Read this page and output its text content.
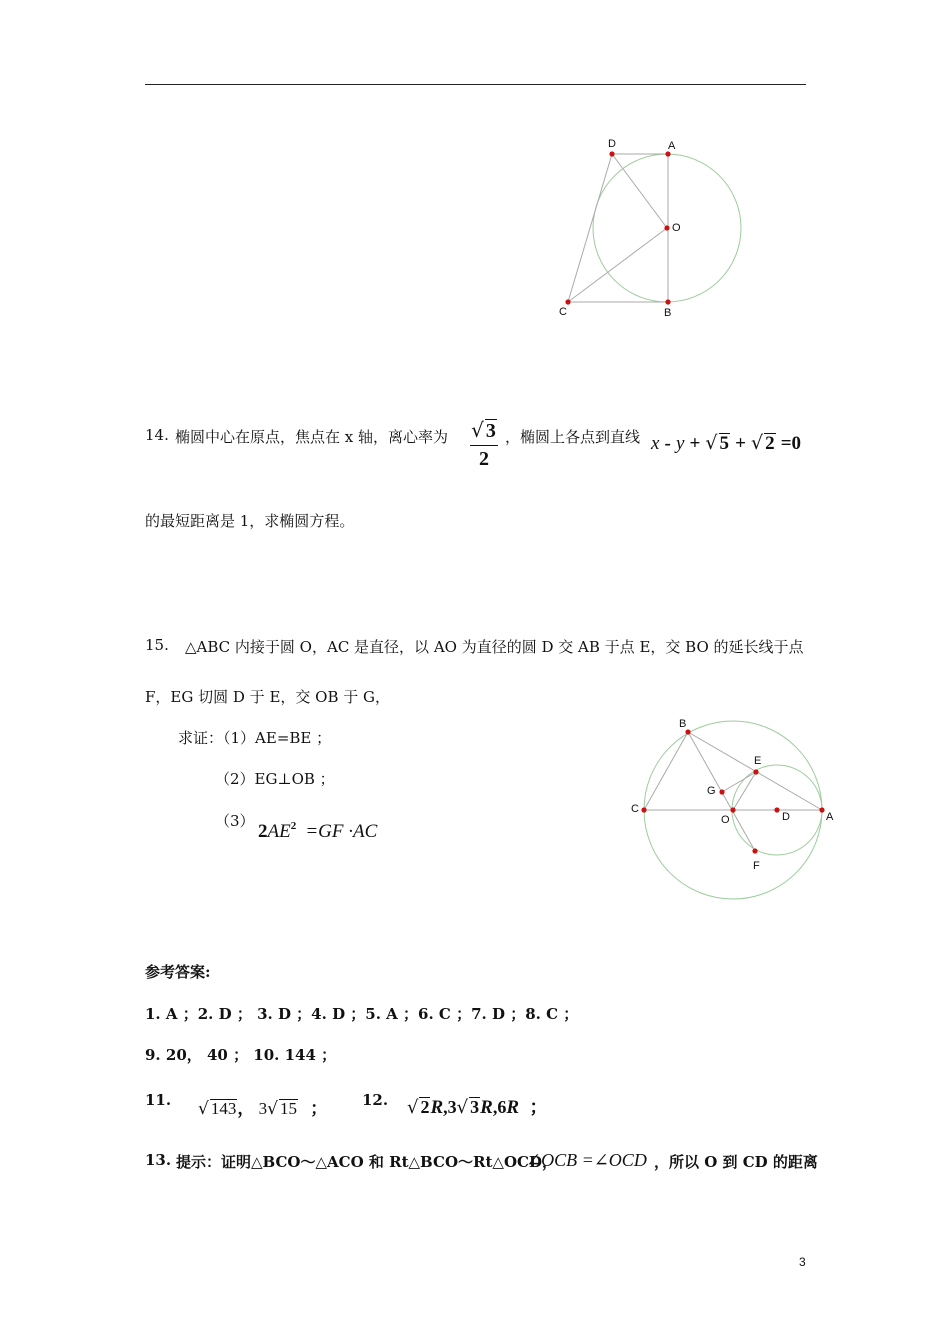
D	A
O
C	B
14. 椭圆中心在原点，焦点在 x 轴，离心率为 √ 3
2
，椭圆上各点到直线 x - y + √ 5 + √ 2 =0
的最短距离是 1，求椭圆方程。
15. △ABC 内接于圆 O，AC 是直径，以 AO 为直径的圆 D 交 AB 于点 E，交 BO 的延长线于点
F，EG 切圆 D 于 E，交 OB 于 G，
求证：（1）AE=BE ；
（2）EG⊥OB ；
（3） $2AE^2 =GF \cdot AC$
B
E
G
C
O	D	A
F
参考答案:
1. A ；2. D ； 3. D ；4. D ；5. A ；6. C ；7. D ；8. C ；
9. 20， 40 ； 10. 144 ；
11. √ 143， 3√ 15 ； 12. √ 2R,3√ 3R,6R ；
13. 提示：证明△BCO～△ACO 和 Rt△BCO～Rt△OCD，
∠OCB =∠OCD ，所以 O 到 CD 的距离
3
